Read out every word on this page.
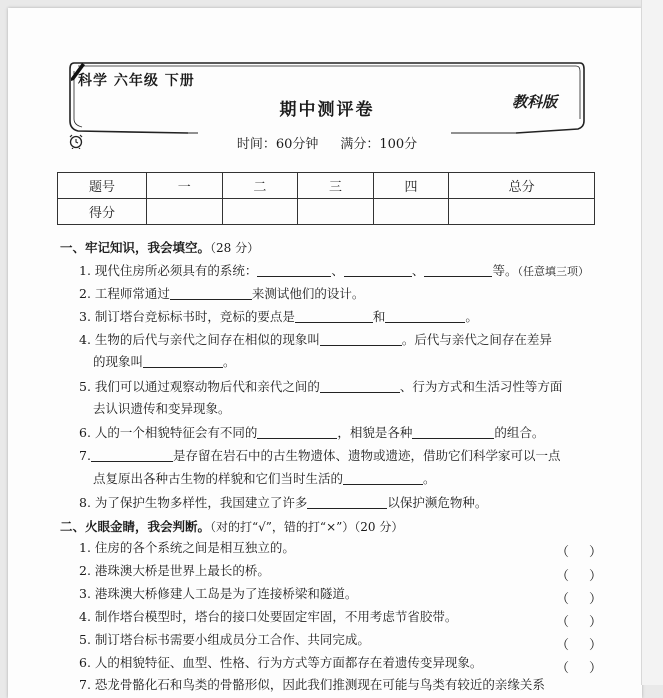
科学 六年级 下册
期中测评卷	教科版
时间：60分钟 满分：100分
题号	一	二	三	四	总分
得分					
一、牢记知识，我会填空。（28 分）
1. 现代住房所必须具有的系统：	、	、	等。（任意填三项）
2. 工程师常通过	来测试他们的设计。
3. 制订塔台竞标标书时，竞标的要点是	和	。
4. 生物的后代与亲代之间存在相似的现象叫	。后代与亲代之间存在差异
的现象叫	。
5. 我们可以通过观察动物后代和亲代之间的	、行为方式和生活习性等方面
去认识遗传和变异现象。
6. 人的一个相貌特征会有不同的	，相貌是各种	的组合。
7.	是存留在岩石中的古生物遗体、遗物或遗迹，借助它们科学家可以一点
点复原出各种古生物的样貌和它们当时生活的	。
8. 为了保护生物多样性，我国建立了许多	以保护濒危物种。
二、火眼金睛，我会判断。（对的打“√”，错的打“×”）（20 分）
1. 住房的各个系统之间是相互独立的。	（ ）
2. 港珠澳大桥是世界上最长的桥。	（ ）
3. 港珠澳大桥修建人工岛是为了连接桥梁和隧道。	（ ）
4. 制作塔台模型时，塔台的接口处要固定牢固，不用考虑节省胶带。	（ ）
5. 制订塔台标书需要小组成员分工合作、共同完成。	（ ）
6. 人的相貌特征、血型、性格、行为方式等方面都存在着遗传变异现象。	（ ）
7. 恐龙骨骼化石和鸟类的骨骼形似，因此我们推测现在可能与鸟类有较近的亲缘关系
